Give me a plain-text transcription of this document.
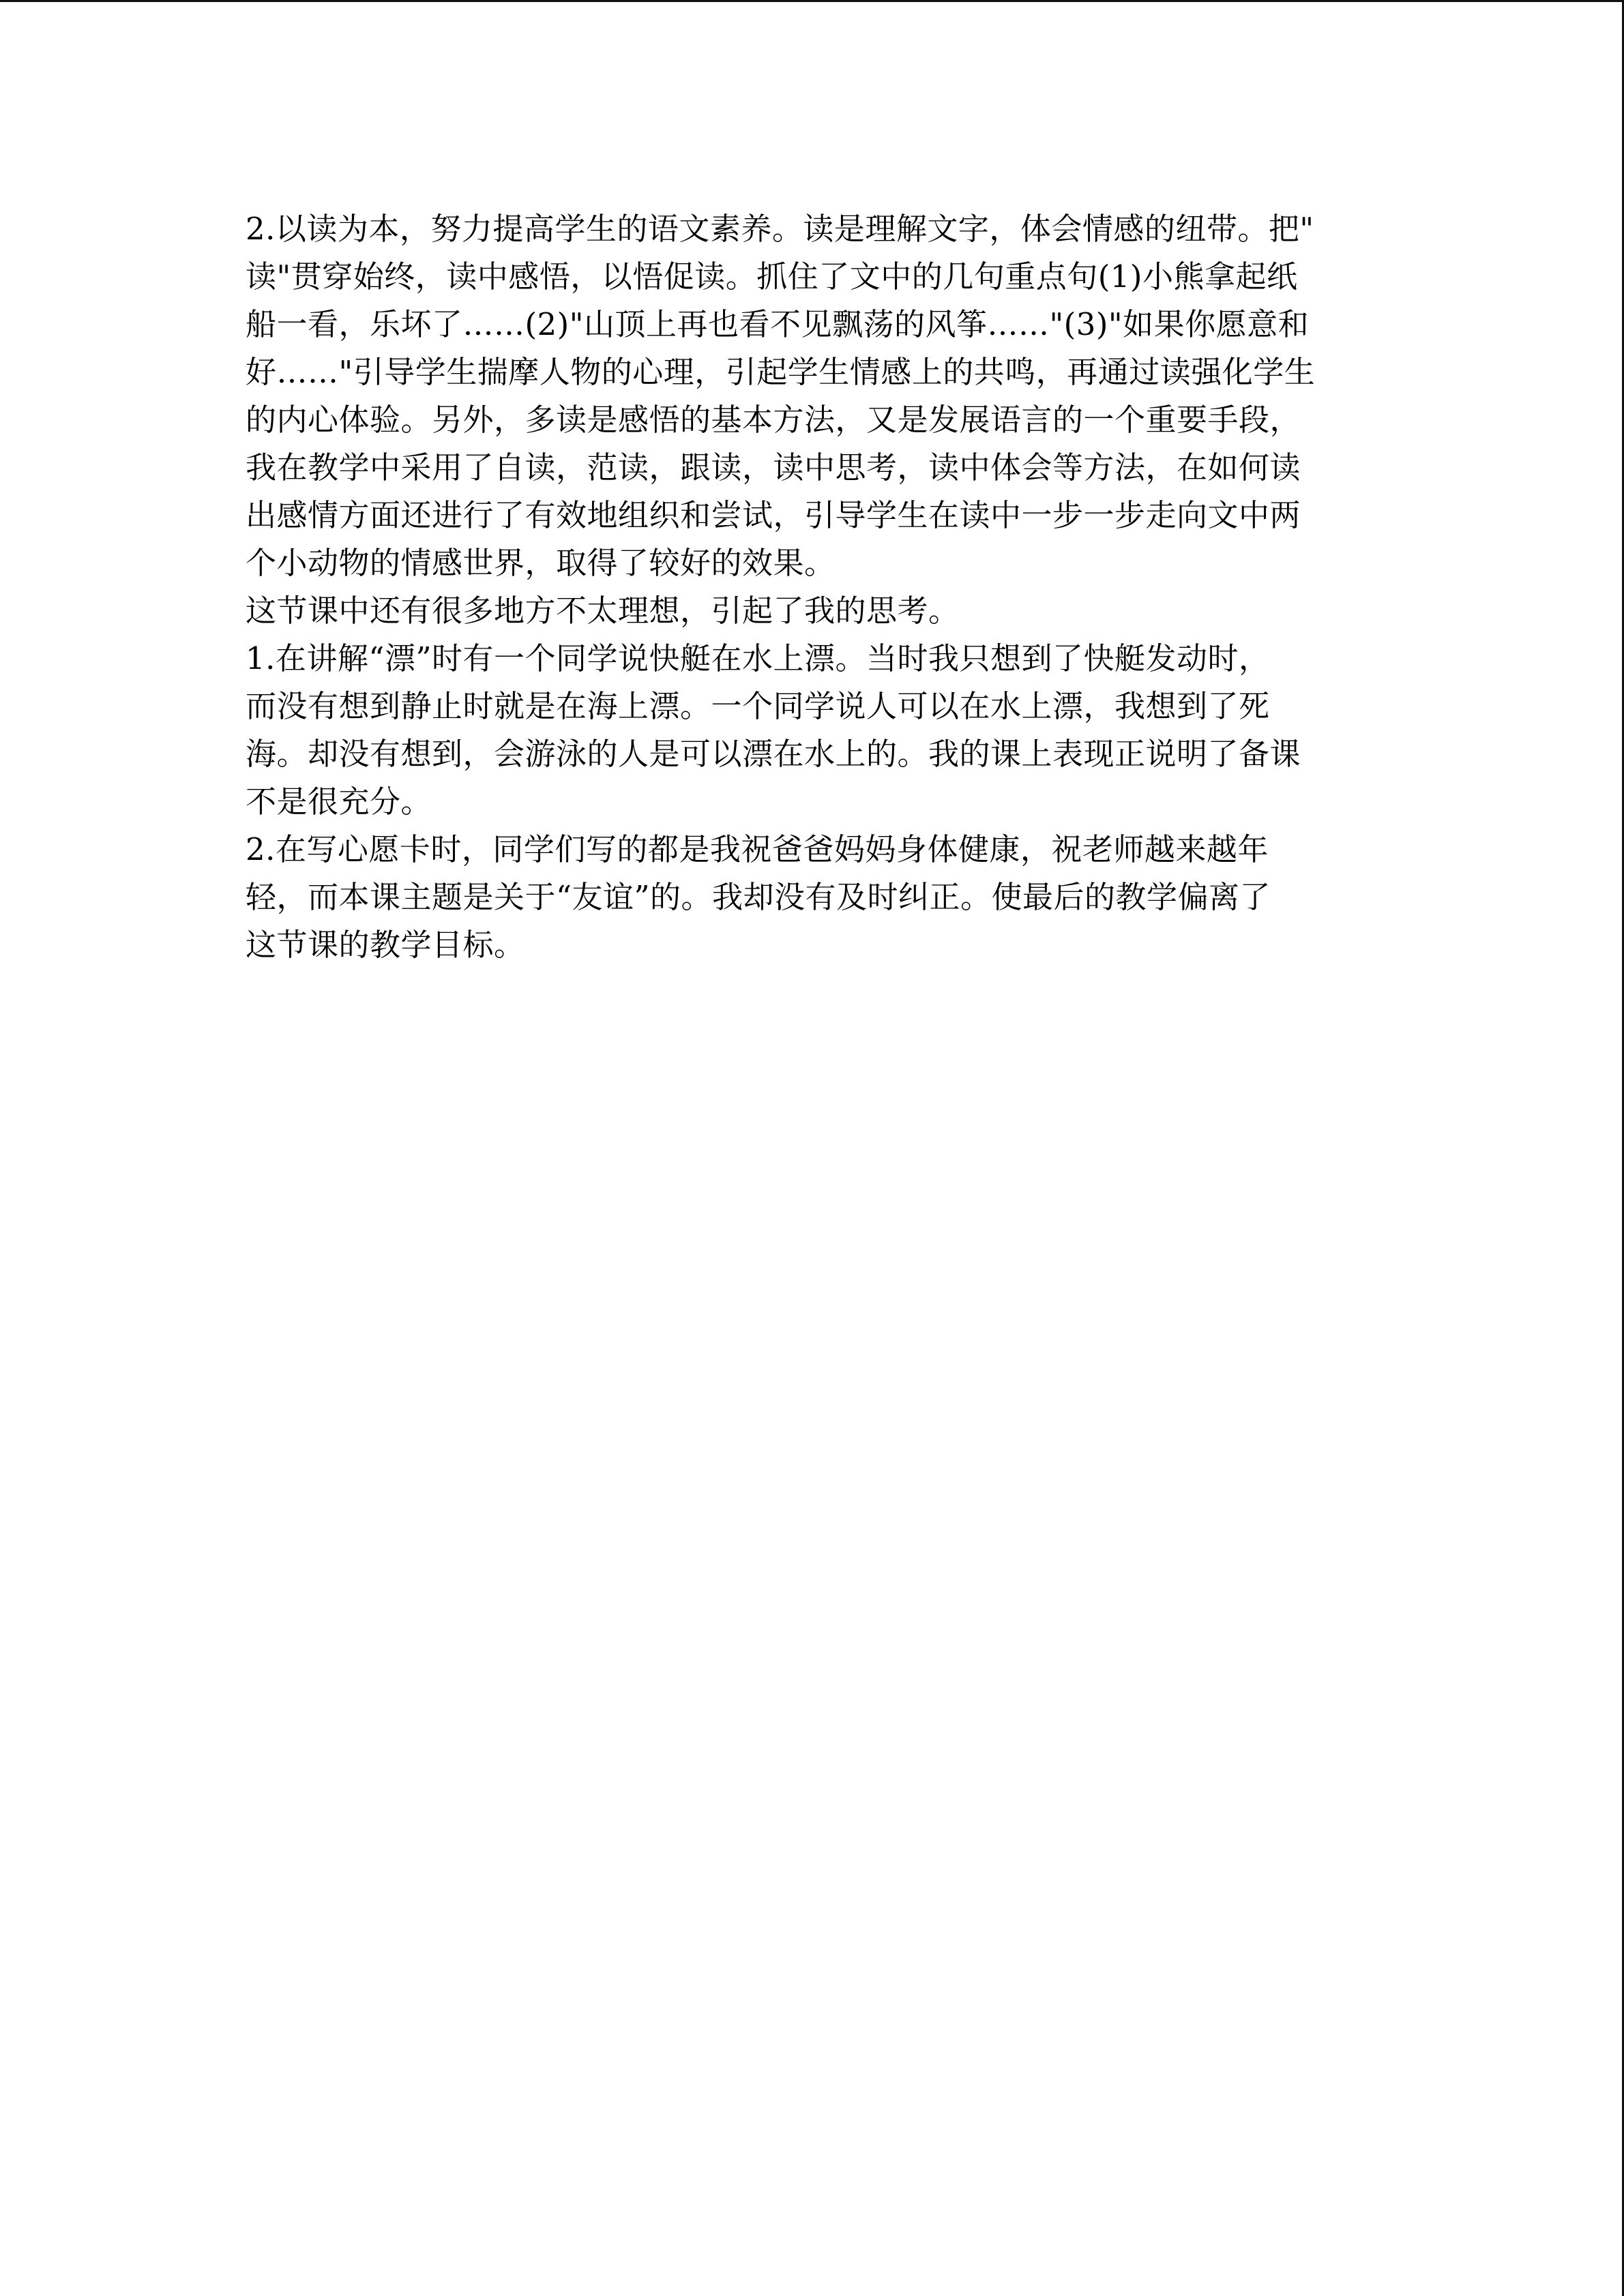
2.以读为本，努力提高学生的语文素养。读是理解文字，体会情感的纽带。把"
读"贯穿始终，读中感悟，以悟促读。抓住了文中的几句重点句(1)小熊拿起纸
船一看，乐坏了……(2)"山顶上再也看不见飘荡的风筝……"(3)"如果你愿意和
好……"引导学生揣摩人物的心理，引起学生情感上的共鸣，再通过读强化学生
的内心体验。另外，多读是感悟的基本方法，又是发展语言的一个重要手段，
我在教学中采用了自读，范读，跟读，读中思考，读中体会等方法，在如何读
出感情方面还进行了有效地组织和尝试，引导学生在读中一步一步走向文中两
个小动物的情感世界，取得了较好的效果。
这节课中还有很多地方不太理想，引起了我的思考。
1.在讲解“漂”时有一个同学说快艇在水上漂。当时我只想到了快艇发动时，
而没有想到静止时就是在海上漂。一个同学说人可以在水上漂，我想到了死
海。却没有想到，会游泳的人是可以漂在水上的。我的课上表现正说明了备课
不是很充分。
2.在写心愿卡时，同学们写的都是我祝爸爸妈妈身体健康，祝老师越来越年
轻，而本课主题是关于“友谊”的。我却没有及时纠正。使最后的教学偏离了
这节课的教学目标。
